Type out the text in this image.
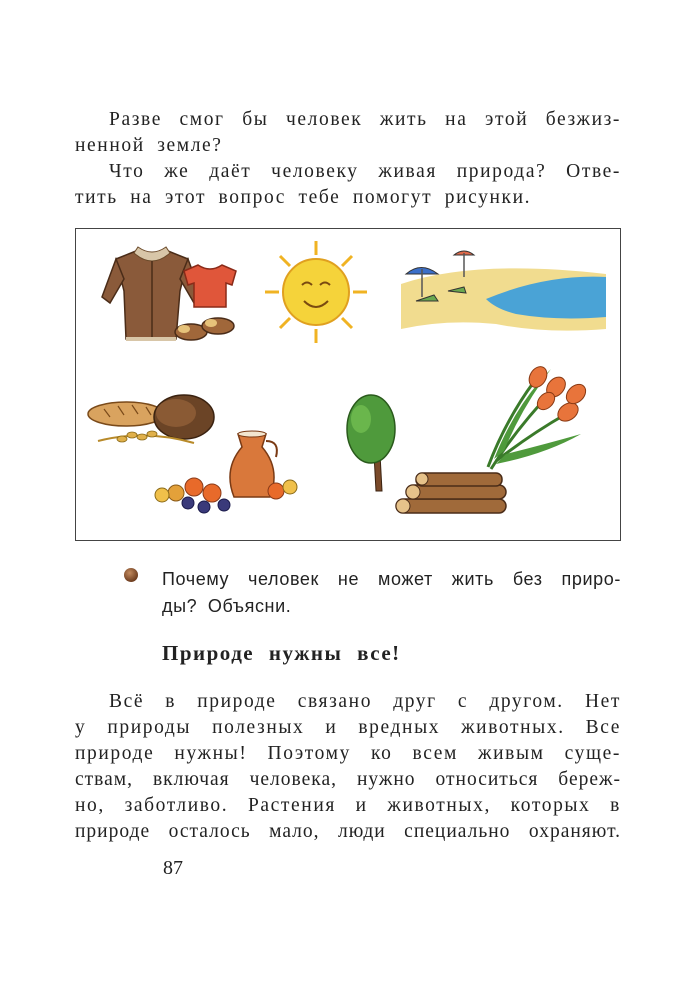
Разве смог бы человек жить на этой безжиз-
ненной земле?
Что же даёт человеку живая природа? Отве-
тить на этот вопрос тебе помогут рисунки.
Почему человек не может жить без приро-
ды? Объясни.
Природе нужны все!
Всё в природе связано друг с другом. Нет
у природы полезных и вредных животных. Все
природе нужны! Поэтому ко всем живым суще-
ствам, включая человека, нужно относиться береж-
но, заботливо. Растения и животных, которых в
природе осталось мало, люди специально охраняют.
87
